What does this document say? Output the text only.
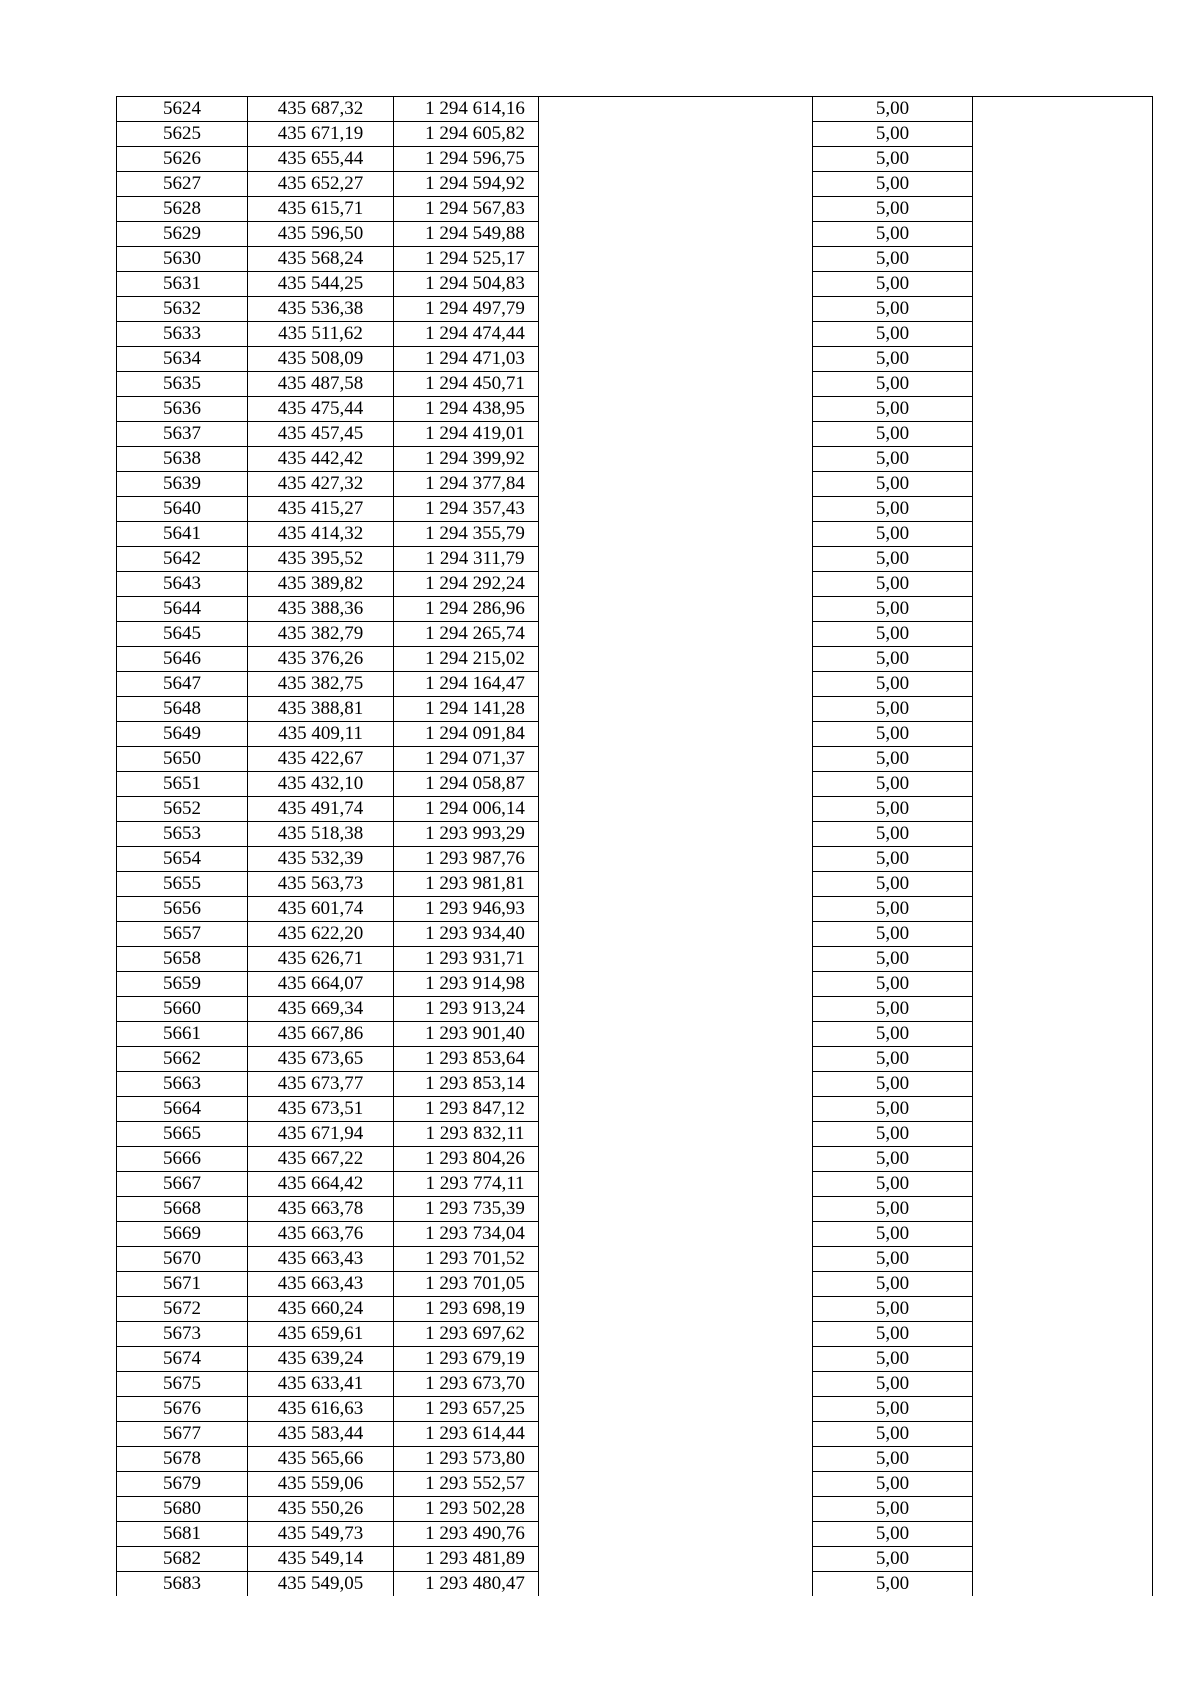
5624	435 687,32	1 294 614,16		5,00	
5625	435 671,19	1 294 605,82		5,00	
5626	435 655,44	1 294 596,75		5,00	
5627	435 652,27	1 294 594,92		5,00	
5628	435 615,71	1 294 567,83		5,00	
5629	435 596,50	1 294 549,88		5,00	
5630	435 568,24	1 294 525,17		5,00	
5631	435 544,25	1 294 504,83		5,00	
5632	435 536,38	1 294 497,79		5,00	
5633	435 511,62	1 294 474,44		5,00	
5634	435 508,09	1 294 471,03		5,00	
5635	435 487,58	1 294 450,71		5,00	
5636	435 475,44	1 294 438,95		5,00	
5637	435 457,45	1 294 419,01		5,00	
5638	435 442,42	1 294 399,92		5,00	
5639	435 427,32	1 294 377,84		5,00	
5640	435 415,27	1 294 357,43		5,00	
5641	435 414,32	1 294 355,79		5,00	
5642	435 395,52	1 294 311,79		5,00	
5643	435 389,82	1 294 292,24		5,00	
5644	435 388,36	1 294 286,96		5,00	
5645	435 382,79	1 294 265,74		5,00	
5646	435 376,26	1 294 215,02		5,00	
5647	435 382,75	1 294 164,47		5,00	
5648	435 388,81	1 294 141,28		5,00	
5649	435 409,11	1 294 091,84		5,00	
5650	435 422,67	1 294 071,37		5,00	
5651	435 432,10	1 294 058,87		5,00	
5652	435 491,74	1 294 006,14		5,00	
5653	435 518,38	1 293 993,29		5,00	
5654	435 532,39	1 293 987,76		5,00	
5655	435 563,73	1 293 981,81		5,00	
5656	435 601,74	1 293 946,93		5,00	
5657	435 622,20	1 293 934,40		5,00	
5658	435 626,71	1 293 931,71		5,00	
5659	435 664,07	1 293 914,98		5,00	
5660	435 669,34	1 293 913,24		5,00	
5661	435 667,86	1 293 901,40		5,00	
5662	435 673,65	1 293 853,64		5,00	
5663	435 673,77	1 293 853,14		5,00	
5664	435 673,51	1 293 847,12		5,00	
5665	435 671,94	1 293 832,11		5,00	
5666	435 667,22	1 293 804,26		5,00	
5667	435 664,42	1 293 774,11		5,00	
5668	435 663,78	1 293 735,39		5,00	
5669	435 663,76	1 293 734,04		5,00	
5670	435 663,43	1 293 701,52		5,00	
5671	435 663,43	1 293 701,05		5,00	
5672	435 660,24	1 293 698,19		5,00	
5673	435 659,61	1 293 697,62		5,00	
5674	435 639,24	1 293 679,19		5,00	
5675	435 633,41	1 293 673,70		5,00	
5676	435 616,63	1 293 657,25		5,00	
5677	435 583,44	1 293 614,44		5,00	
5678	435 565,66	1 293 573,80		5,00	
5679	435 559,06	1 293 552,57		5,00	
5680	435 550,26	1 293 502,28		5,00	
5681	435 549,73	1 293 490,76		5,00	
5682	435 549,14	1 293 481,89		5,00	
5683	435 549,05	1 293 480,47		5,00	
